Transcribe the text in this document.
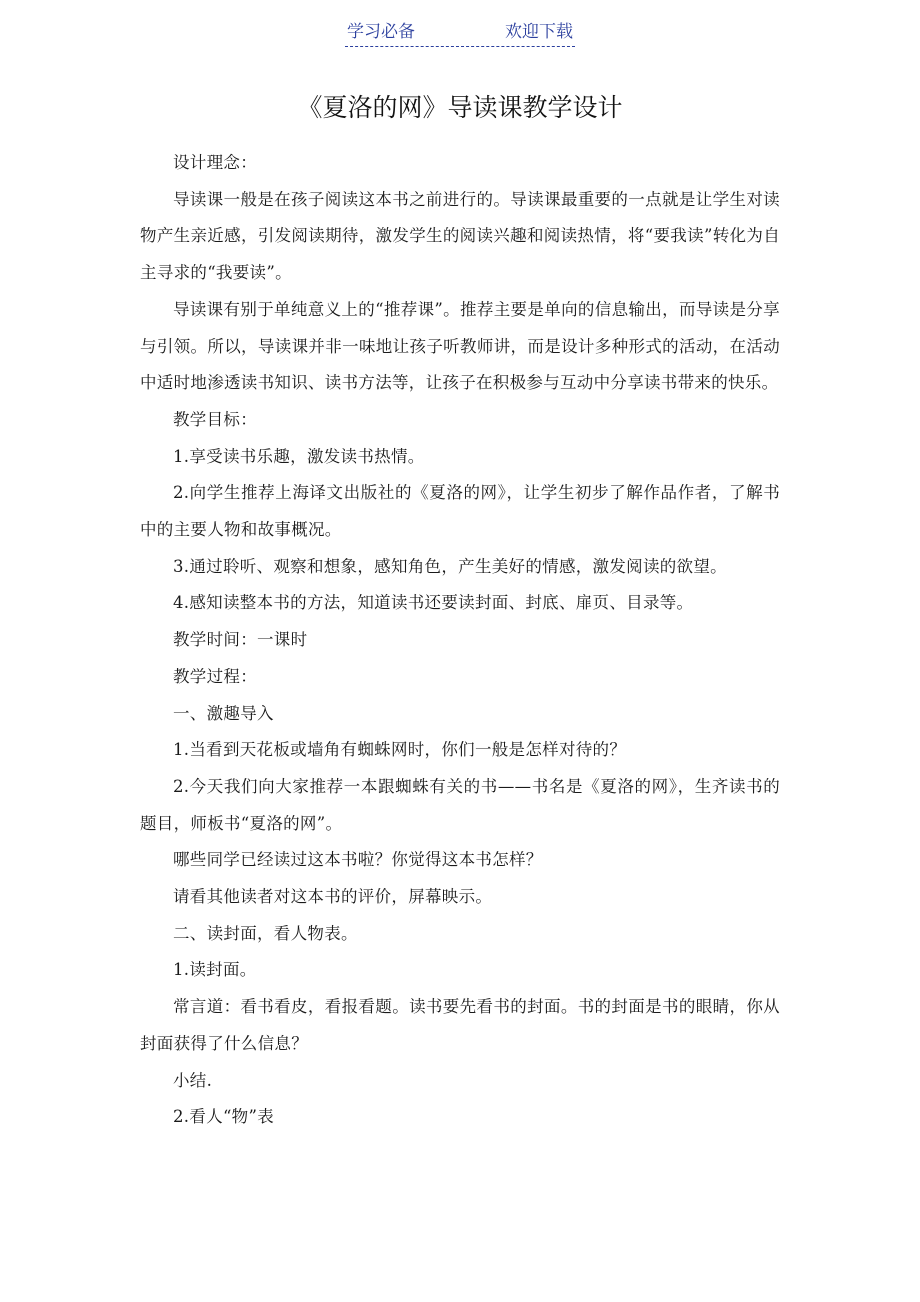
学习必备	欢迎下载
《夏洛的网》导读课教学设计

设计理念：

导读课一般是在孩子阅读这本书之前进行的。导读课最重要的一点就是让学生对读物产生亲近感，引发阅读期待，激发学生的阅读兴趣和阅读热情，将“要我读”转化为自主寻求的“我要读”。

导读课有别于单纯意义上的“推荐课”。推荐主要是单向的信息输出，而导读是分享与引领。所以，导读课并非一味地让孩子听教师讲，而是设计多种形式的活动，在活动中适时地渗透读书知识、读书方法等，让孩子在积极参与互动中分享读书带来的快乐。

教学目标：

1.享受读书乐趣，激发读书热情。

2.向学生推荐上海译文出版社的《夏洛的网》，让学生初步了解作品作者，了解书中的主要人物和故事概况。

3.通过聆听、观察和想象，感知角色，产生美好的情感，激发阅读的欲望。

4.感知读整本书的方法，知道读书还要读封面、封底、扉页、目录等。

教学时间：一课时

教学过程：

一、激趣导入

1.当看到天花板或墙角有蜘蛛网时，你们一般是怎样对待的？

2.今天我们向大家推荐一本跟蜘蛛有关的书——书名是《夏洛的网》，生齐读书的题目，师板书“夏洛的网”。

哪些同学已经读过这本书啦？你觉得这本书怎样？

请看其他读者对这本书的评价，屏幕映示。

二、读封面，看人物表。

1.读封面。

常言道：看书看皮，看报看题。读书要先看书的封面。书的封面是书的眼睛，你从封面获得了什么信息？

小结.

2.看人“物”表
